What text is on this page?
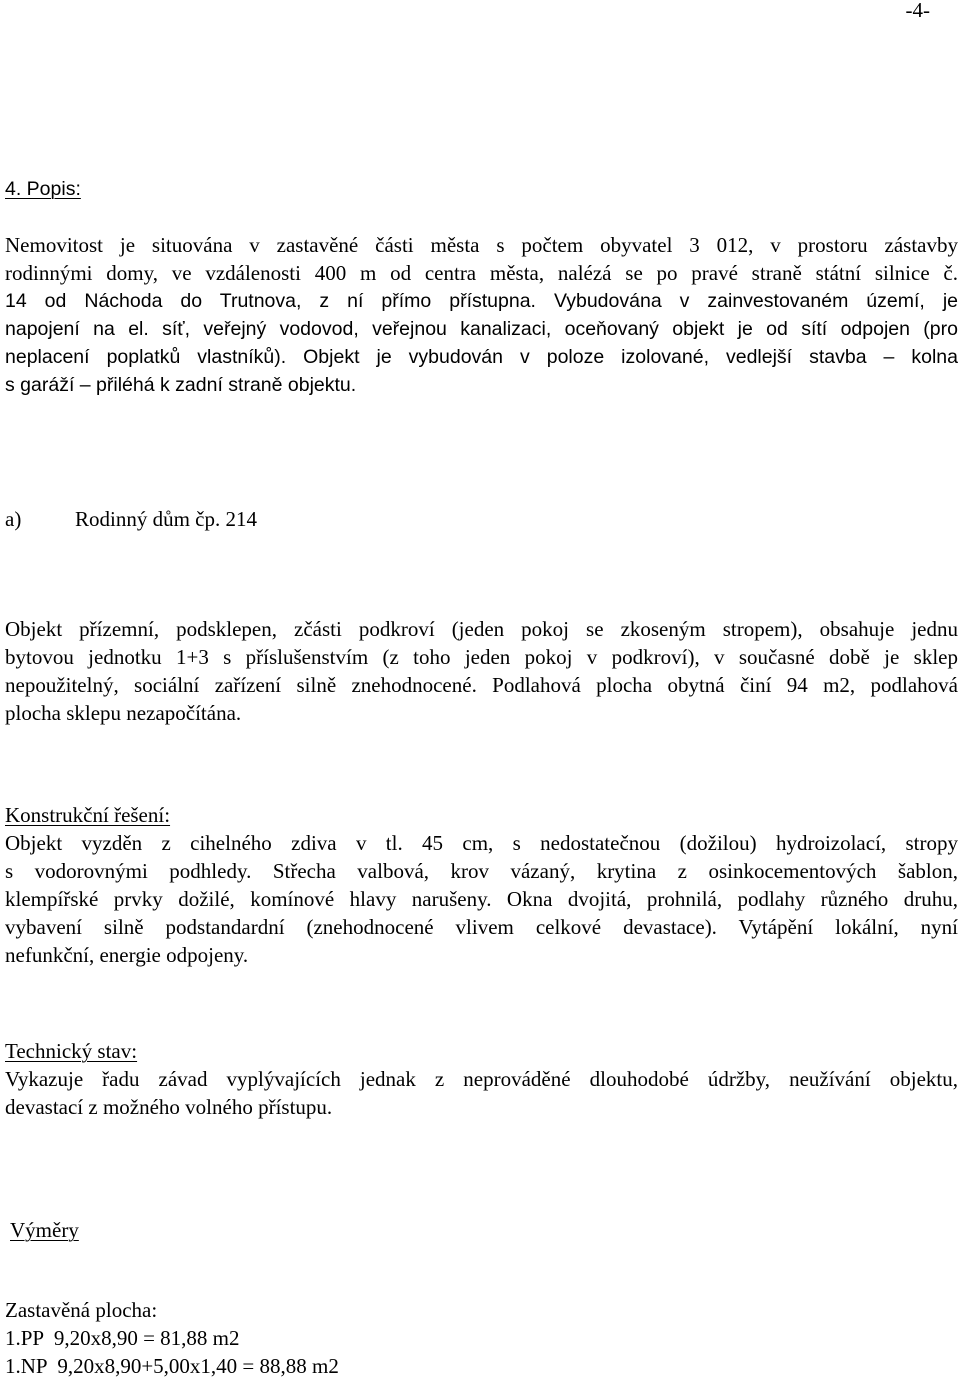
-4-
4. Popis:
Nemovitost je situována v zastavěné části města s počtem obyvatel 3 012, v prostoru zástavby
rodinnými domy, ve vzdálenosti 400 m od centra města, nalézá se po pravé straně státní silnice č.
14 od Náchoda do Trutnova, z ní přímo přístupna. Vybudována v zainvestovaném území, je
napojení na el. síť, veřejný vodovod, veřejnou kanalizaci, oceňovaný objekt je od sítí odpojen (pro
neplacení poplatků vlastníků). Objekt je vybudován v poloze izolované, vedlejší stavba – kolna
s garáží – přiléhá k zadní straně objektu.
a)	Rodinný dům čp. 214
Objekt přízemní, podsklepen, zčásti podkroví (jeden pokoj se zkoseným stropem), obsahuje jednu
bytovou jednotku 1+3 s příslušenstvím (z toho jeden pokoj v podkroví), v současné době je sklep
nepoužitelný, sociální zařízení silně znehodnocené. Podlahová plocha obytná činí 94 m2, podlahová
plocha sklepu nezapočítána.
Konstrukční řešení:
Objekt vyzděn z cihelného zdiva v tl. 45 cm, s nedostatečnou (dožilou) hydroizolací, stropy
s vodorovnými podhledy. Střecha valbová, krov vázaný, krytina z osinkocementových šablon,
klempířské prvky dožilé, komínové hlavy narušeny. Okna dvojitá, prohnilá, podlahy různého druhu,
vybavení silně podstandardní (znehodnocené vlivem celkové devastace). Vytápění lokální, nyní
nefunkční, energie odpojeny.
Technický stav:
Vykazuje řadu závad vyplývajících jednak z neprováděné dlouhodobé údržby, neužívání objektu,
devastací z možného volného přístupu.
Výměry
Zastavěná plocha:
1.PP  9,20x8,90 = 81,88 m2
1.NP  9,20x8,90+5,00x1,40 = 88,88 m2
